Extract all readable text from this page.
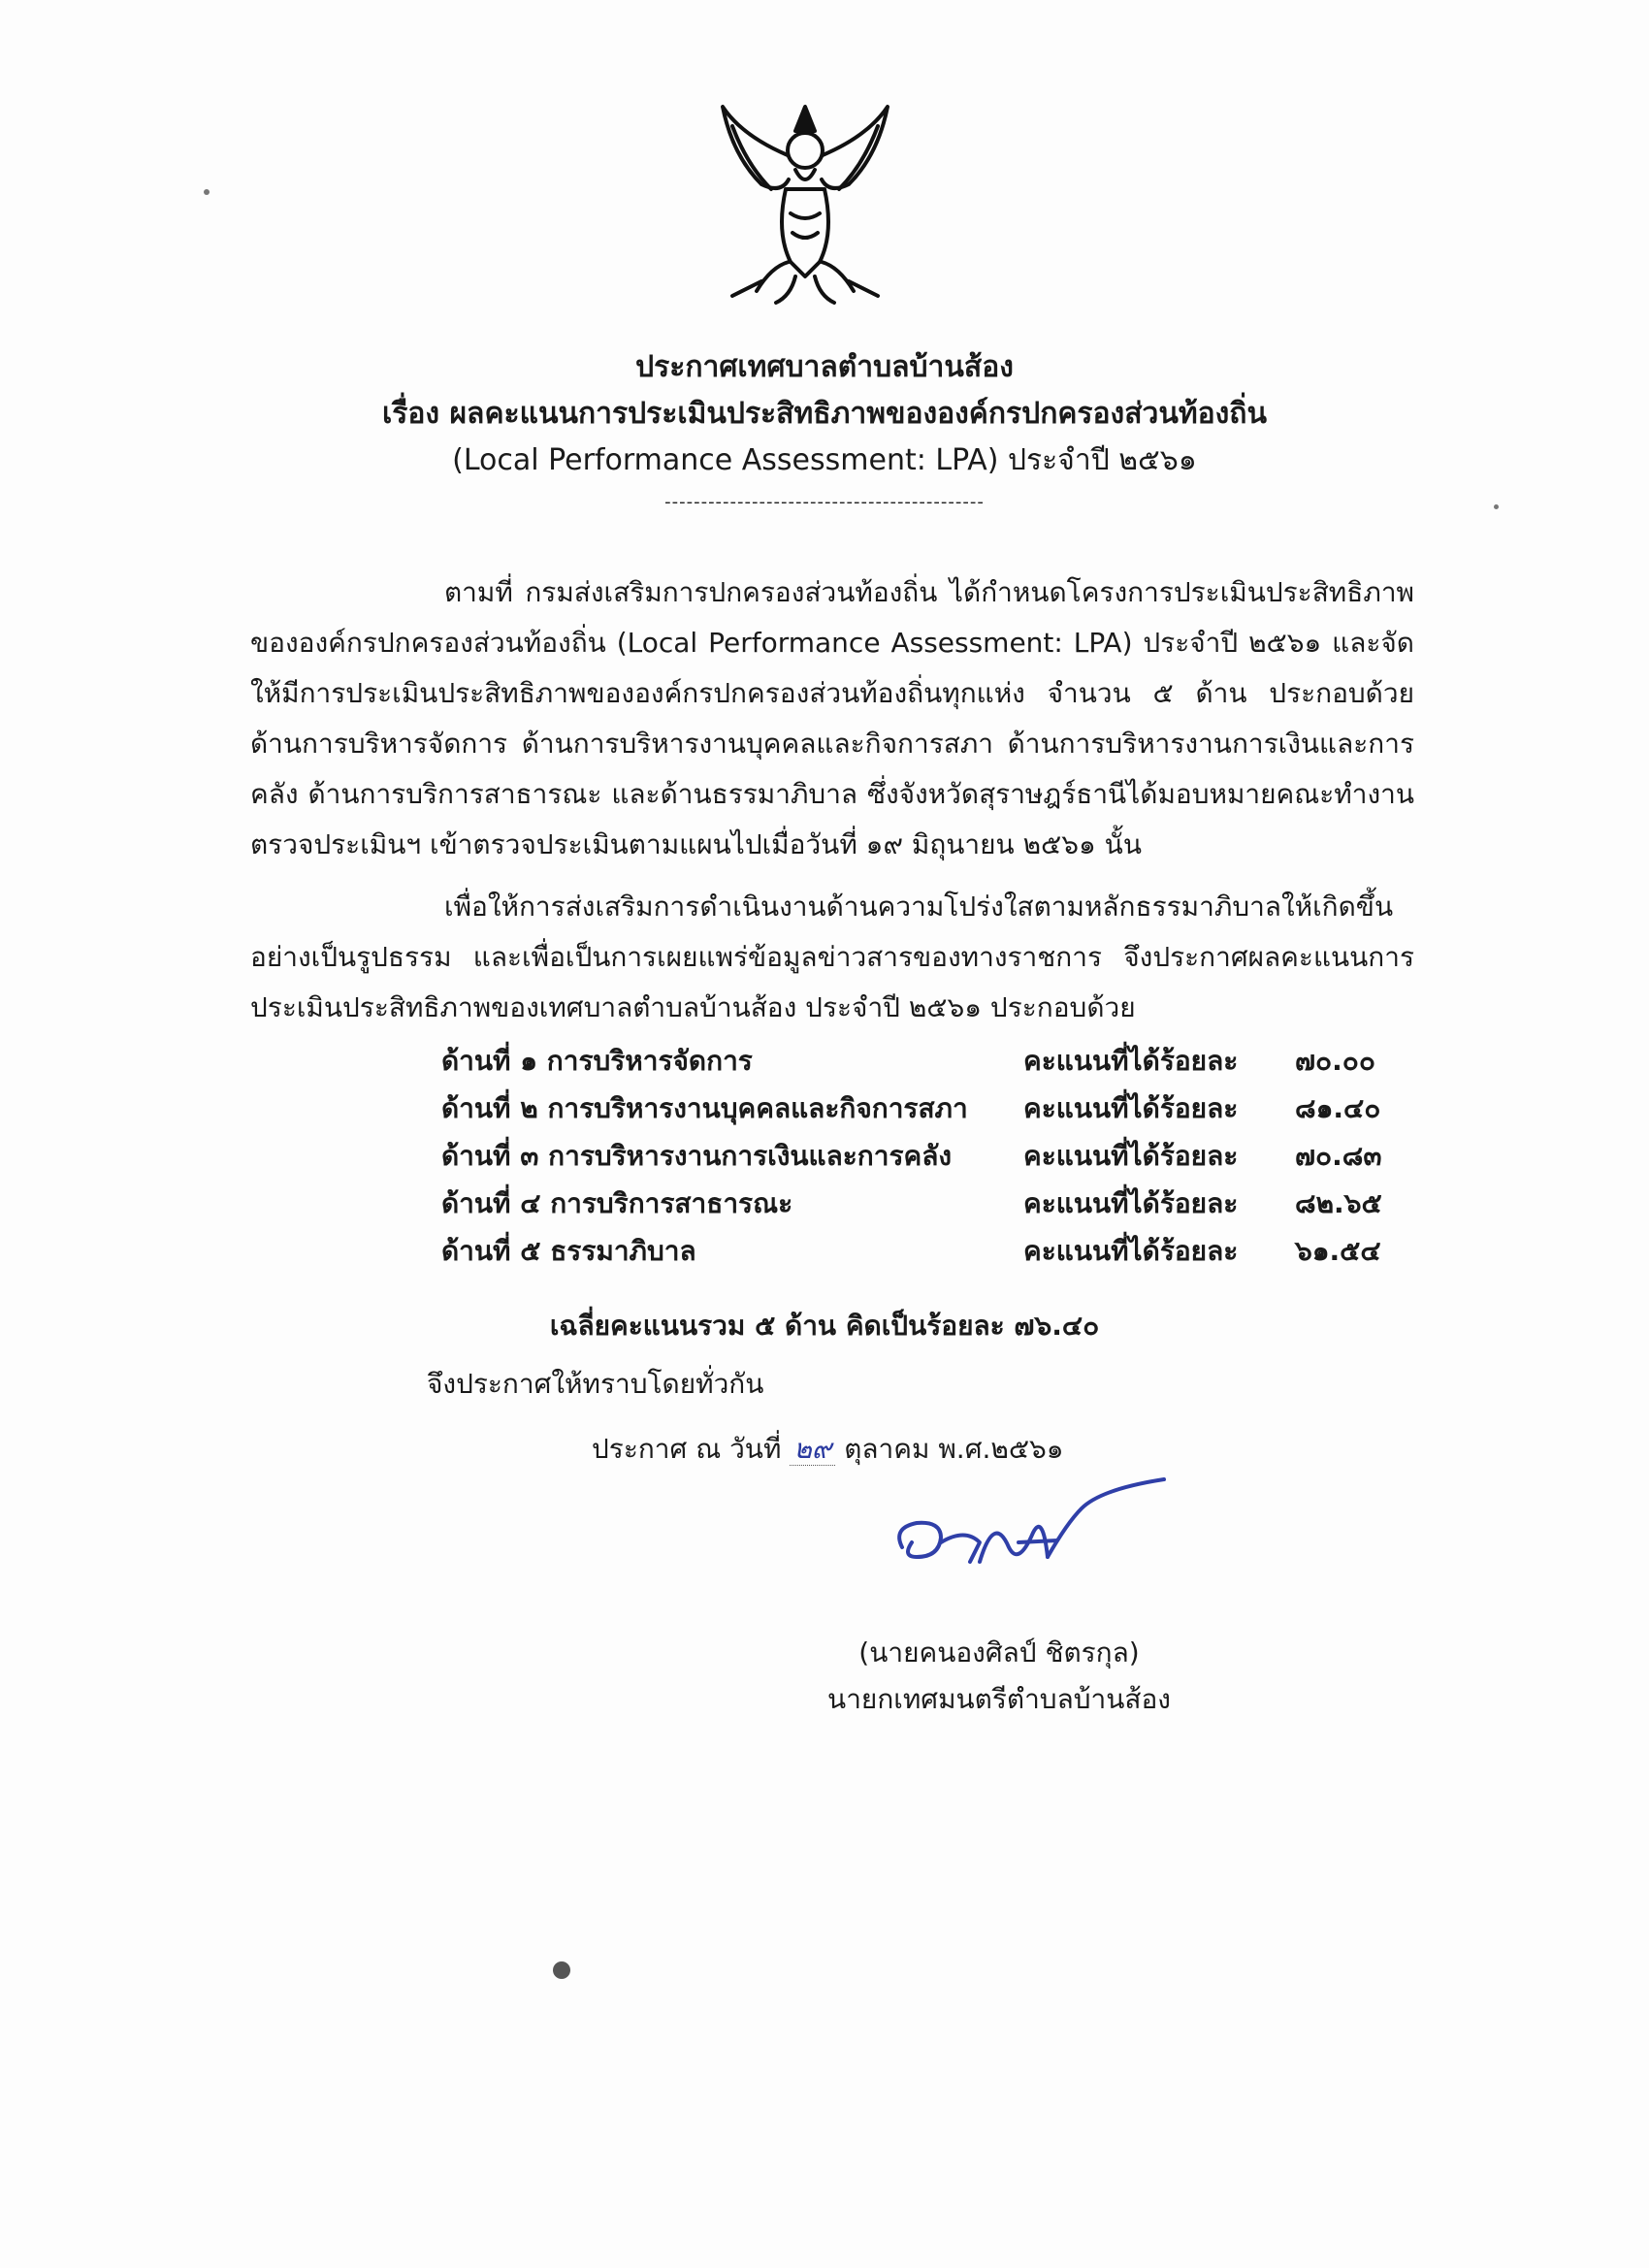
ประกาศเทศบาลตำบลบ้านส้อง
เรื่อง ผลคะแนนการประเมินประสิทธิภาพขององค์กรปกครองส่วนท้องถิ่น
(Local Performance Assessment: LPA) ประจำปี ๒๕๖๑
--------------------------------------------

ตามที่ กรมส่งเสริมการปกครองส่วนท้องถิ่น ได้กำหนดโครงการประเมินประสิทธิภาพขององค์กรปกครองส่วนท้องถิ่น (Local Performance Assessment: LPA) ประจำปี ๒๕๖๑ และจัดให้มีการประเมินประสิทธิภาพขององค์กรปกครองส่วนท้องถิ่นทุกแห่ง จำนวน ๕ ด้าน ประกอบด้วย ด้านการบริหารจัดการ ด้านการบริหารงานบุคคลและกิจการสภา ด้านการบริหารงานการเงินและการคลัง ด้านการบริการสาธารณะ และด้านธรรมาภิบาล ซึ่งจังหวัดสุราษฎร์ธานีได้มอบหมายคณะทำงานตรวจประเมินฯ เข้าตรวจประเมินตามแผนไปเมื่อวันที่ ๑๙ มิถุนายน ๒๕๖๑ นั้น

เพื่อให้การส่งเสริมการดำเนินงานด้านความโปร่งใสตามหลักธรรมาภิบาลให้เกิดขึ้นอย่างเป็นรูปธรรม และเพื่อเป็นการเผยแพร่ข้อมูลข่าวสารของทางราชการ จึงประกาศผลคะแนนการประเมินประสิทธิภาพของเทศบาลตำบลบ้านส้อง ประจำปี ๒๕๖๑ ประกอบด้วย

ด้านที่ ๑ การบริหารจัดการ	คะแนนที่ได้ร้อยละ ๗๐.๐๐
ด้านที่ ๒ การบริหารงานบุคคลและกิจการสภา คะแนนที่ได้ร้อยละ ๘๑.๔๐
ด้านที่ ๓ การบริหารงานการเงินและการคลัง	คะแนนที่ได้ร้อยละ ๗๐.๘๓
ด้านที่ ๔ การบริการสาธารณะ	คะแนนที่ได้ร้อยละ ๘๒.๖๕
ด้านที่ ๕ ธรรมาภิบาล	คะแนนที่ได้ร้อยละ ๖๑.๕๔
เฉลี่ยคะแนนรวม ๕ ด้าน คิดเป็นร้อยละ ๗๖.๔๐
จึงประกาศให้ทราบโดยทั่วกัน
ประกาศ ณ วันที่ ๒๙ ตุลาคม พ.ศ.๒๕๖๑
(นายคนองศิลป์ ชิตรกุล)
นายกเทศมนตรีตำบลบ้านส้อง
